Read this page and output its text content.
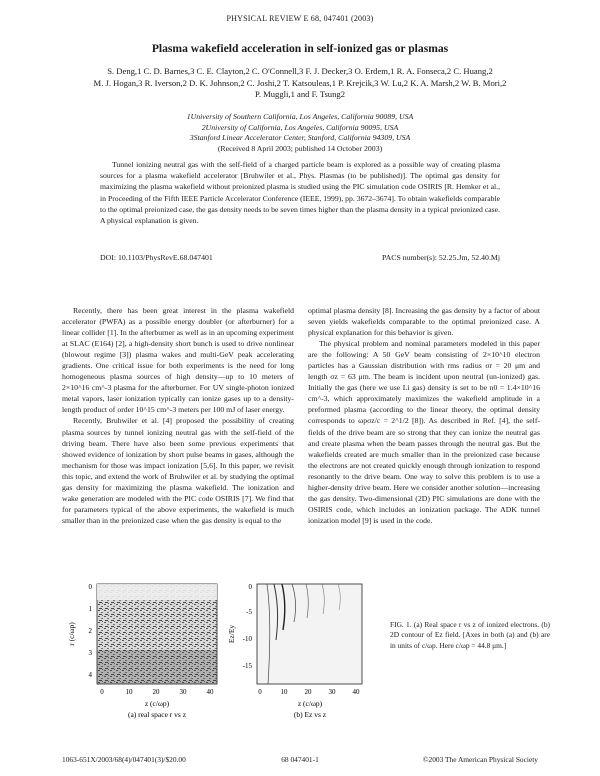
PHYSICAL REVIEW E 68, 047401 (2003)
Plasma wakefield acceleration in self-ionized gas or plasmas
S. Deng,1 C. D. Barnes,3 C. E. Clayton,2 C. O'Connell,3 F. J. Decker,3 O. Erdem,1 R. A. Fonseca,2 C. Huang,2
M. J. Hogan,3 R. Iverson,2 D. K. Johnson,2 C. Joshi,2 T. Katsouleas,1 P. Krejcik,3 W. Lu,2 K. A. Marsh,2 W. B. Mori,2
P. Muggli,1 and F. Tsung2
1University of Southern California, Los Angeles, California 90089, USA
2University of California, Los Angeles, California 90095, USA
3Stanford Linear Accelerator Center, Stanford, California 94309, USA
(Received 8 April 2003; published 14 October 2003)
Tunnel ionizing neutral gas with the self-field of a charged particle beam is explored as a possible way of creating plasma sources for a plasma wakefield accelerator [Bruhwiler et al., Phys. Plasmas (to be published)]. The optimal gas density for maximizing the plasma wakefield without preionized plasma is studied using the PIC simulation code OSIRIS [R. Hemker et al., in Proceeding of the Fifth IEEE Particle Accelerator Conference (IEEE, 1999), pp. 3672–3674]. To obtain wakefields comparable to the optimal preionized case, the gas density needs to be seven times higher than the plasma density in a typical preionized case. A physical explanation is given.
DOI: 10.1103/PhysRevE.68.047401	PACS number(s): 52.25.Jm, 52.40.Mj

Recently, there has been great interest in the plasma wakefield accelerator (PWFA) as a possible energy doubler (or afterburner) for a linear collider [1]. In the afterburner as well as in an upcoming experiment at SLAC (E164) [2], a high-density short bunch is used to drive nonlinear (blowout regime [3]) plasma wakes and multi-GeV peak accelerating gradients. One critical issue for both experiments is the need for long homogeneous plasma sources of high density—up to 10 meters of 2×10^16 cm^-3 plasma for the afterburner. For UV single-photon ionized metal vapors, laser ionization typically can ionize gases up to a density-length product of order 10^15 cm^-3 meters per 100 mJ of laser energy.

Recently, Bruhwiler et al. [4] proposed the possibility of creating plasma sources by tunnel ionizing neutral gas with the self-field of the driving beam. There have also been some previous experiments that showed evidence of ionization by short pulse beams in gases, although the mechanism for those was impact ionization [5,6]. In this paper, we revisit this topic, and extend the work of Bruhwiler et al. by studying the optimal gas density for maximizing the plasma wakefield. The ionization and wake generation are modeled with the PIC code OSIRIS [7]. We find that for parameters typical of the above experiments, the wakefield is much smaller than in the preionized case when the gas density is equal to the

optimal plasma density [8]. Increasing the gas density by a factor of about seven yields wakefields comparable to the optimal preionized case. A physical explanation for this behavior is given.

The physical problem and nominal parameters modeled in this paper are the following: A 50 GeV beam consisting of 2×10^10 electron particles has a Gaussian distribution with rms radius σr = 20 μm and length σz = 63 μm. The beam is incident upon neutral (un-ionized) gas. Initially the gas (here we use Li gas) density is set to be n0 = 1.4×10^16 cm^-3, which approximately maximizes the wakefield amplitude in a preformed plasma (according to the linear theory, the optimal density corresponds to ωpσz/c = 2^1/2 [8]). As described in Ref. [4], the self-fields of the drive beam are so strong that they can ionize the neutral gas and create plasma when the beam passes through the neutral gas. But the wakefields created are much smaller than in the preionized case because the electrons are not created quickly enough through ionization to respond resonantly to the drive beam. One way to solve this problem is to use a higher-density drive beam. Here we consider another solution—increasing the gas density. Two-dimensional (2D) PIC simulations are done with the OSIRIS code, which includes an ionization package. The ADK tunnel ionization model [9] is used in the code.

0
1
2
3
4
0	10	20	30	40
r (c/ωp)
z (c/ωp)
(a) real space r vs z
0
-5
-10
-15
0	10 20 30 40
Ez/Ey
z (c/ωp)
(b) Ez vs z
FIG. 1. (a) Real space r vs z of ionized electrons. (b) 2D contour of Ez field. [Axes in both (a) and (b) are in units of c/ωp. Here c/ωp = 44.8 μm.]
1063-651X/2003/68(4)/047401(3)/$20.00	68 047401-1	©2003 The American Physical Society
